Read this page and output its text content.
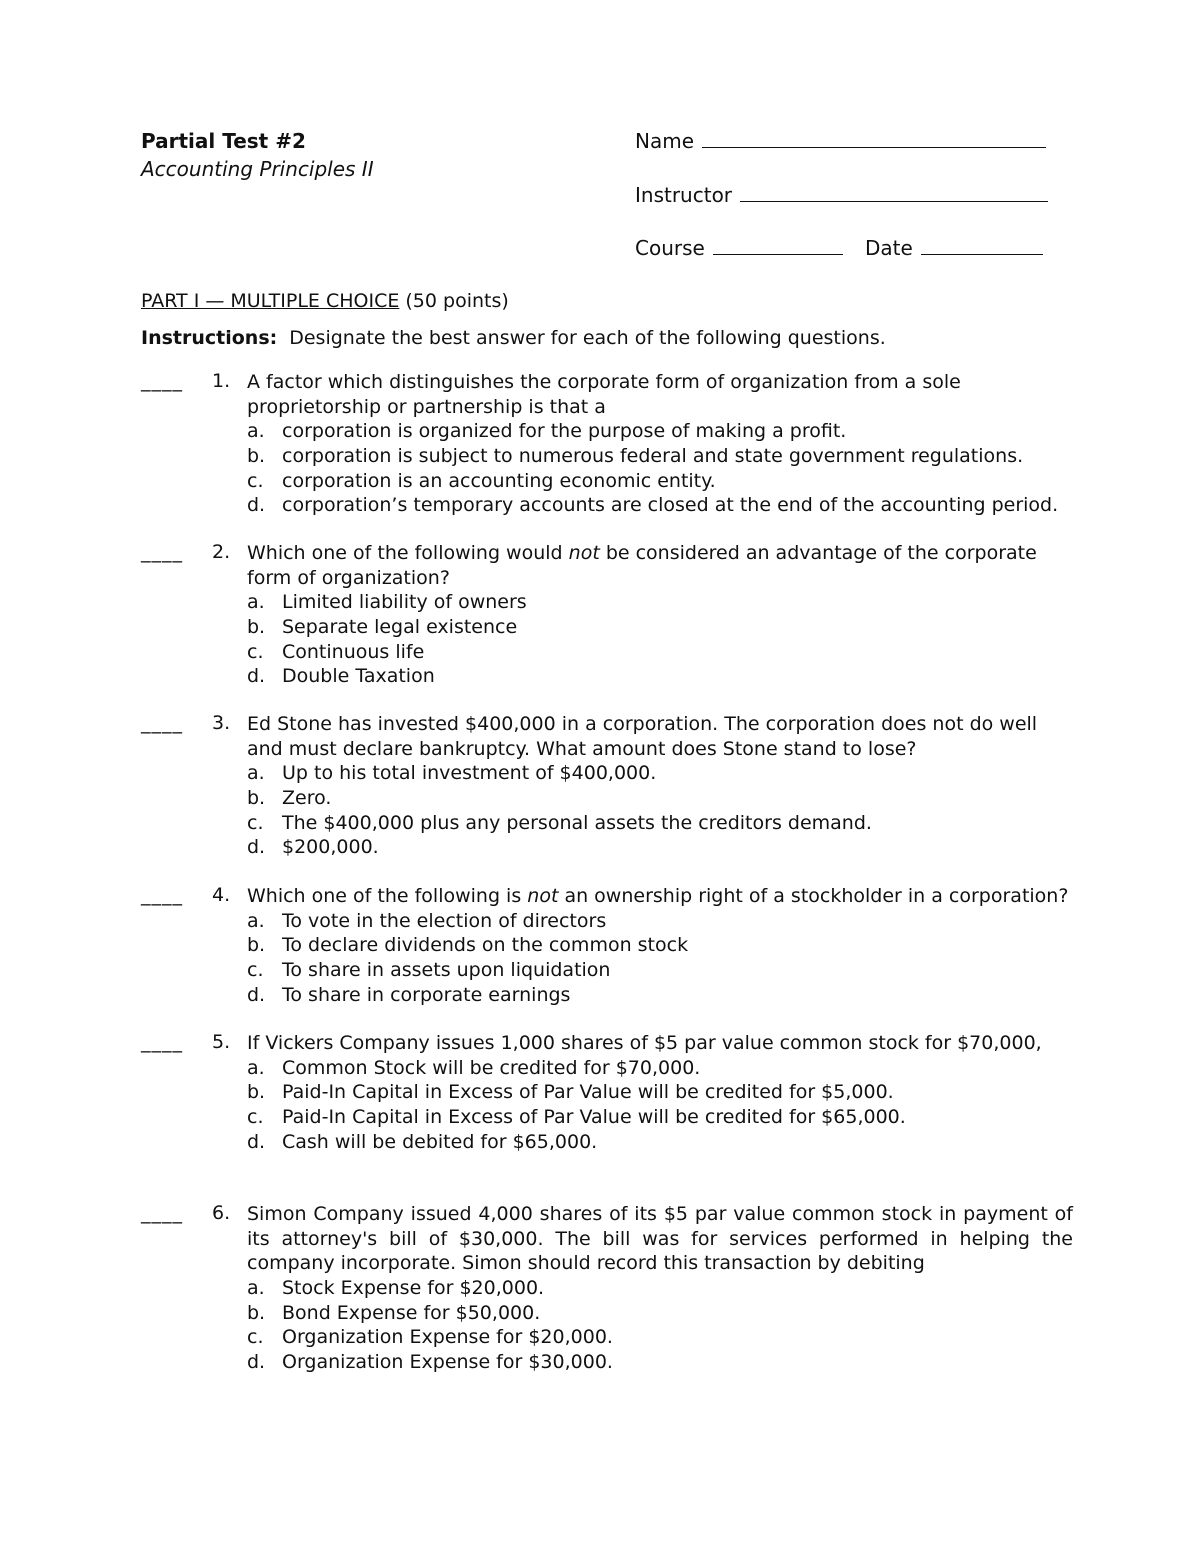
Partial Test #2
Accounting Principles II
Name
Instructor
Course	Date
PART I — MULTIPLE CHOICE (50 points)
Instructions: Designate the best answer for each of the following questions.
____ 1. A factor which distinguishes the corporate form of organization from a sole proprietorship or partnership is that a
a. corporation is organized for the purpose of making a profit.
b. corporation is subject to numerous federal and state government regulations.
c. corporation is an accounting economic entity.
d. corporation’s temporary accounts are closed at the end of the accounting period.
____ 2. Which one of the following would not be considered an advantage of the corporate form of organization?
a. Limited liability of owners
b. Separate legal existence
c. Continuous life
d. Double Taxation
____ 3. Ed Stone has invested $400,000 in a corporation. The corporation does not do well and must declare bankruptcy. What amount does Stone stand to lose?
a. Up to his total investment of $400,000.
b. Zero.
c. The $400,000 plus any personal assets the creditors demand.
d. $200,000.
____ 4. Which one of the following is not an ownership right of a stockholder in a corporation?
a. To vote in the election of directors
b. To declare dividends on the common stock
c. To share in assets upon liquidation
d. To share in corporate earnings
____ 5. If Vickers Company issues 1,000 shares of $5 par value common stock for $70,000,
a. Common Stock will be credited for $70,000.
b. Paid-In Capital in Excess of Par Value will be credited for $5,000.
c. Paid-In Capital in Excess of Par Value will be credited for $65,000.
d. Cash will be debited for $65,000.
____ 6. Simon Company issued 4,000 shares of its $5 par value common stock in payment of its attorney's bill of $30,000. The bill was for services performed in helping the company incorporate. Simon should record this transaction by debiting
a. Stock Expense for $20,000.
b. Bond Expense for $50,000.
c. Organization Expense for $20,000.
d. Organization Expense for $30,000.
